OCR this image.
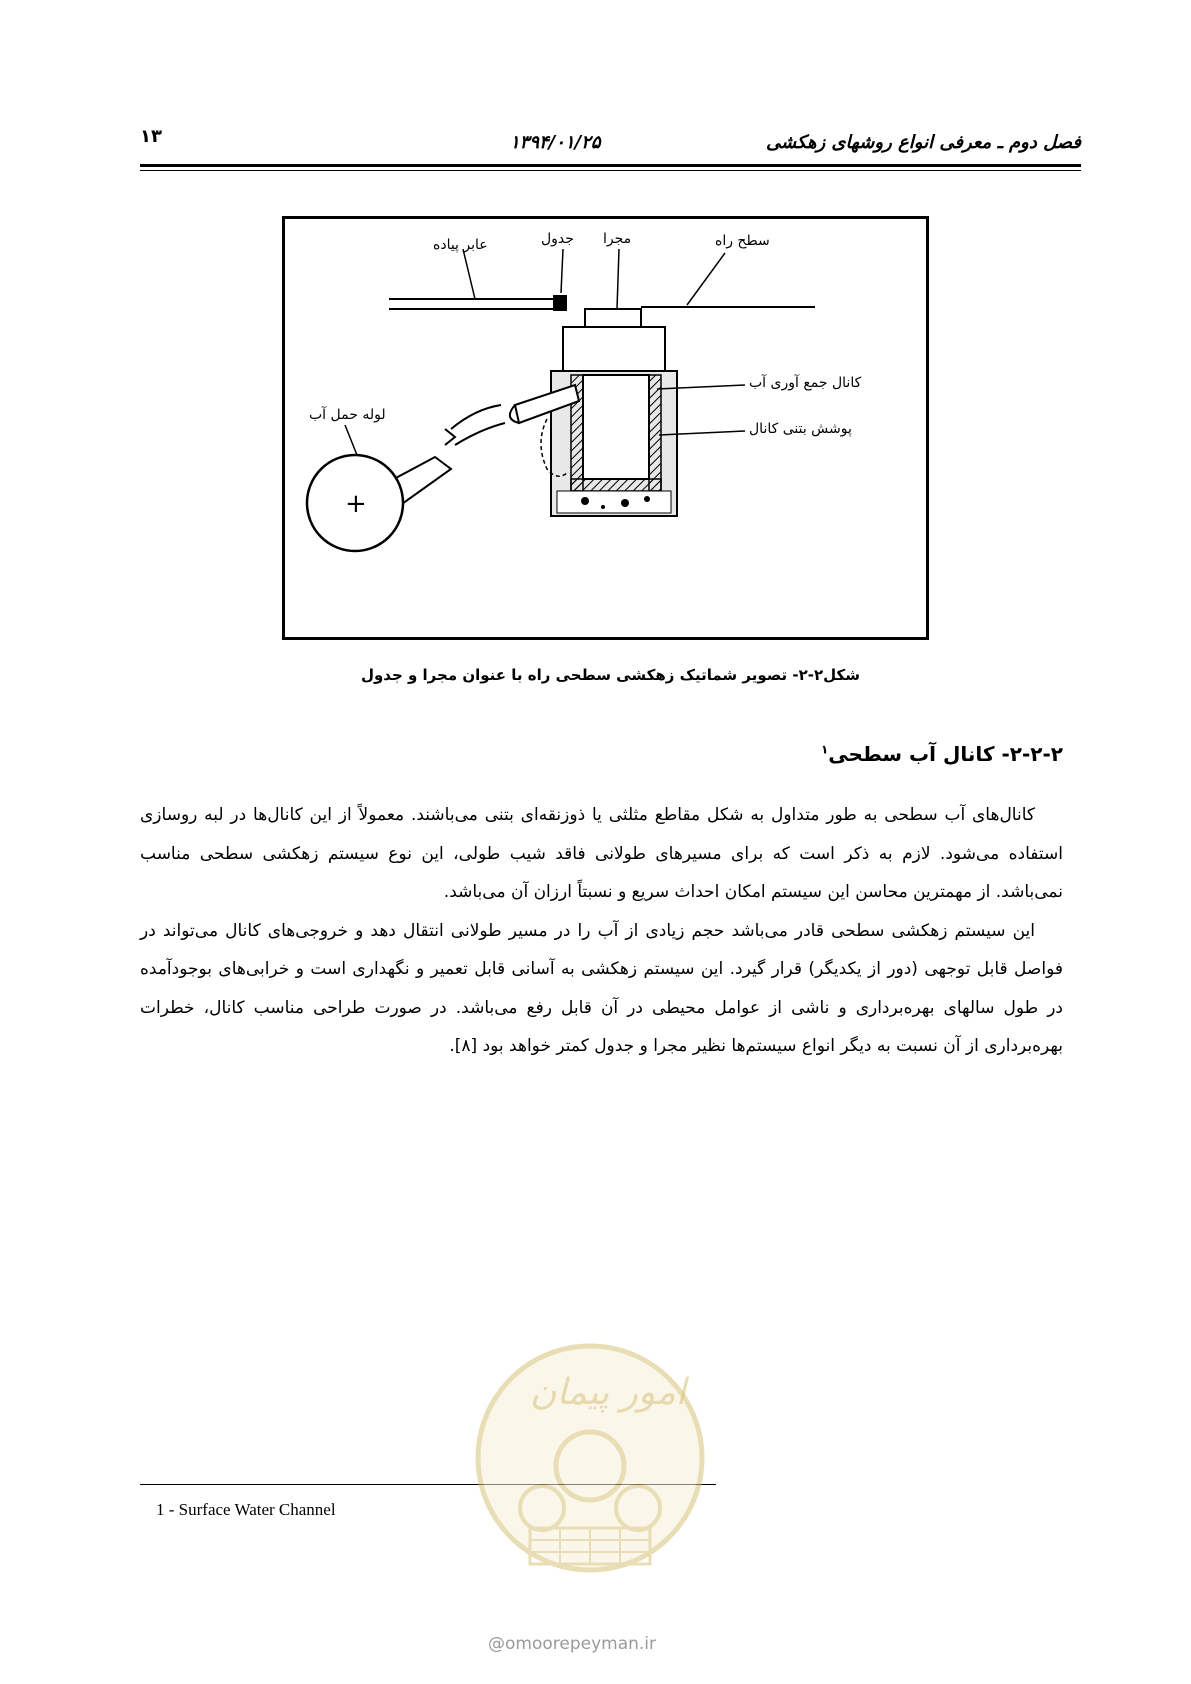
۱۳	۱۳۹۴/۰۱/۲۵	فصل دوم ـ معرفی انواع روشهای زهکشی
عابر پیاده	جدول مجرا	سطح راه
کانال جمع آوری آب
پوشش بتنی کانال
لوله حمل آب
+
شکل۲-۲- تصویر شماتیک زهکشی سطحی راه با عنوان مجرا و جدول
۲-۲-۲- کانال آب سطحی$^۱$

کانال‌های آب سطحی به طور متداول به شکل مقاطع مثلثی یا ذوزنقه‌ای بتنی می‌باشند. معمولاً از این کانال‌ها در لبه روسازی استفاده می‌شود. لازم به ذکر است که برای مسیرهای طولانی فاقد شیب طولی، این نوع سیستم زهکشی سطحی مناسب نمی‌باشد. از مهمترین محاسن این سیستم امکان احداث سریع و نسبتاً ارزان آن می‌باشد.

این سیستم زهکشی سطحی قادر می‌باشد حجم زیادی از آب را در مسیر طولانی انتقال دهد و خروجی‌های کانال می‌تواند در فواصل قابل توجهی (دور از یکدیگر) قرار گیرد. این سیستم زهکشی به آسانی قابل تعمیر و نگهداری است و خرابی‌های بوجودآمده در طول سالهای بهره‌برداری و ناشی از عوامل محیطی در آن قابل رفع می‌باشد. در صورت طراحی مناسب کانال، خطرات بهره‌برداری از آن نسبت به دیگر انواع سیستم‌ها نظیر مجرا و جدول کمتر خواهد بود [۸].

1 - Surface Water Channel
امور پیمان
@omoorepeyman.ir
